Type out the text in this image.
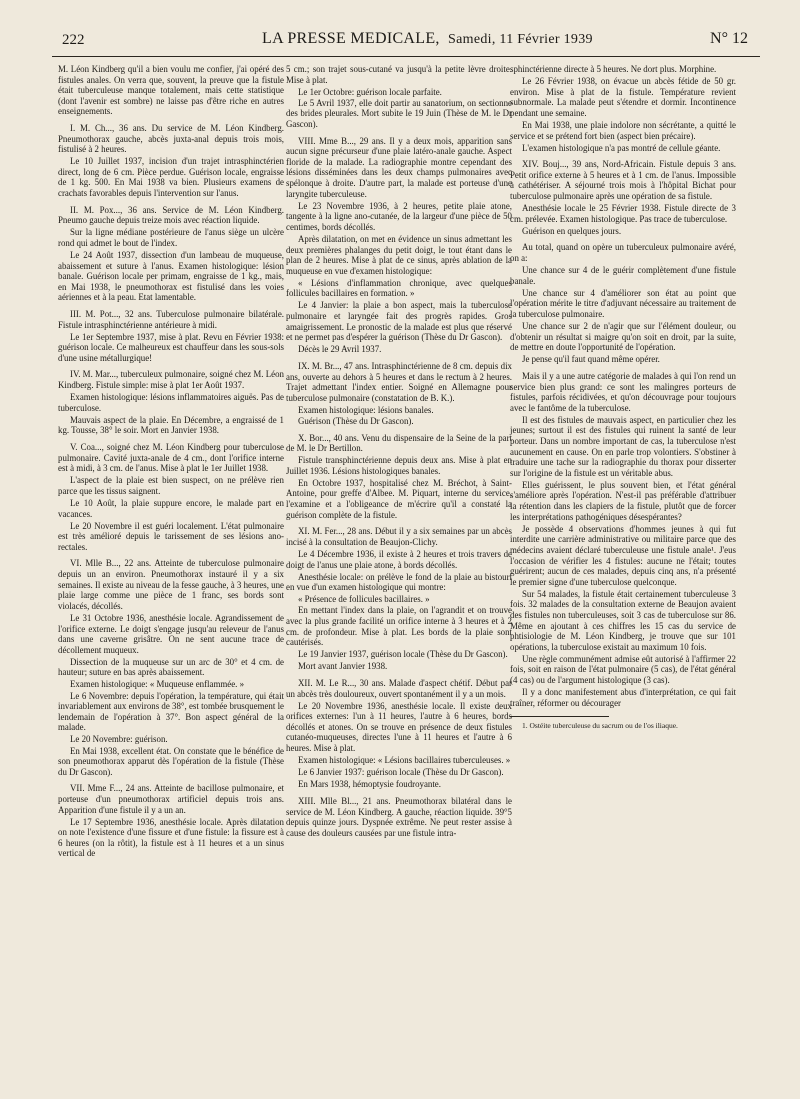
222	LA PRESSE MEDICALE, Samedi, 11 Février 1939	N° 12

M. Léon Kindberg qu'il a bien voulu me confier, j'ai opéré des fistules anales. On verra que, souvent, la preuve que la fistule était tuberculeuse manque totalement, mais cette statistique (dont l'avenir est sombre) ne laisse pas d'être riche en autres enseignements.

I. M. Ch..., 36 ans. Du service de M. Léon Kindberg. Pneumothorax gauche, abcès juxta-anal depuis trois mois, fistulisé à 2 heures.

Le 10 Juillet 1937, incision d'un trajet intrasphinctérien direct, long de 6 cm. Pièce perdue. Guérison locale, engraisse de 1 kg. 500. En Mai 1938 va bien. Plusieurs examens de crachats favorables depuis l'intervention sur l'anus.

II. M. Pox..., 36 ans. Service de M. Léon Kindberg. Pneumo gauche depuis treize mois avec réaction liquide.

Sur la ligne médiane postérieure de l'anus siège un ulcère rond qui admet le bout de l'index.

Le 24 Août 1937, dissection d'un lambeau de muqueuse, abaissement et suture à l'anus. Examen histologique: lésion banale. Guérison locale per primam, engraisse de 1 kg., mais, en Mai 1938, le pneumothorax est fistulisé dans les voies aériennes et à la peau. Etat lamentable.

III. M. Pot..., 32 ans. Tuberculose pulmonaire bilatérale. Fistule intrasphinctérienne antérieure à midi.

Le 1er Septembre 1937, mise à plat. Revu en Février 1938: guérison locale. Ce malheureux est chauffeur dans les sous-sols d'une usine métallurgique!

IV. M. Mar..., tuberculeux pulmonaire, soigné chez M. Léon Kindberg. Fistule simple: mise à plat 1er Août 1937.

Examen histologique: lésions inflammatoires aiguës. Pas de tuberculose.

Mauvais aspect de la plaie. En Décembre, a engraissé de 1 kg. Tousse, 38° le soir. Mort en Janvier 1938.

V. Coa..., soigné chez M. Léon Kindberg pour tuberculose pulmonaire. Cavité juxta-anale de 4 cm., dont l'orifice interne est à midi, à 3 cm. de l'anus. Mise à plat le 1er Juillet 1938.

L'aspect de la plaie est bien suspect, on ne prélève rien parce que les tissus saignent.

Le 10 Août, la plaie suppure encore, le malade part en vacances.

Le 20 Novembre il est guéri localement. L'état pulmonaire est très amélioré depuis le tarissement de ses lésions ano-rectales.

VI. Mlle B..., 22 ans. Atteinte de tuberculose pulmonaire depuis un an environ. Pneumothorax instauré il y a six semaines. Il existe au niveau de la fesse gauche, à 3 heures, une plaie large comme une pièce de 1 franc, ses bords sont violacés, décollés.

Le 31 Octobre 1936, anesthésie locale. Agrandissement de l'orifice externe. Le doigt s'engage jusqu'au releveur de l'anus dans une caverne grisâtre. On ne sent aucune trace de décollement muqueux.

Dissection de la muqueuse sur un arc de 30° et 4 cm. de hauteur; suture en bas après abaissement.

Examen histologique: « Muqueuse enflammée. »

Le 6 Novembre: depuis l'opération, la température, qui était invariablement aux environs de 38°, est tombée brusquement le lendemain de l'opération à 37°. Bon aspect général de la malade.

Le 20 Novembre: guérison.

En Mai 1938, excellent état. On constate que le bénéfice de son pneumothorax apparut dès l'opération de la fistule (Thèse du Dr Gascon).

VII. Mme F..., 24 ans. Atteinte de bacillose pulmonaire, et porteuse d'un pneumothorax artificiel depuis trois ans. Apparition d'une fistule il y a un an.

Le 17 Septembre 1936, anesthésie locale. Après dilatation on note l'existence d'une fissure et d'une fistule: la fissure est à 6 heures (on la rôtit), la fistule est à 11 heures et a un sinus vertical de

5 cm.; son trajet sous-cutané va jusqu'à la petite lèvre droite. Mise à plat.

Le 1er Octobre: guérison locale parfaite.

Le 5 Avril 1937, elle doit partir au sanatorium, on sectionne des brides pleurales. Mort subite le 19 Juin (Thèse de M. le Dr Gascon).

VIII. Mme B..., 29 ans. Il y a deux mois, apparition sans aucun signe précurseur d'une plaie latéro-anale gauche. Aspect floride de la malade. La radiographie montre cependant des lésions disséminées dans les deux champs pulmonaires avec spélonque à droite. D'autre part, la malade est porteuse d'une laryngite tuberculeuse.

Le 23 Novembre 1936, à 2 heures, petite plaie atone, tangente à la ligne ano-cutanée, de la largeur d'une pièce de 50 centimes, bords décollés.

Après dilatation, on met en évidence un sinus admettant les deux premières phalanges du petit doigt, le tout étant dans le plan de 2 heures. Mise à plat de ce sinus, après ablation de la muqueuse en vue d'examen histologique:

« Lésions d'inflammation chronique, avec quelques follicules bacillaires en formation. »

Le 4 Janvier: la plaie a bon aspect, mais la tuberculose pulmonaire et laryngée fait des progrès rapides. Gros amaigrissement. Le pronostic de la malade est plus que réservé et ne permet pas d'espérer la guérison (Thèse du Dr Gascon).

Décès le 29 Avril 1937.

IX. M. Br..., 47 ans. Intrasphinctérienne de 8 cm. depuis dix ans, ouverte au dehors à 5 heures et dans le rectum à 2 heures. Trajet admettant l'index entier. Soigné en Allemagne pour tuberculose pulmonaire (constatation de B. K.).

Examen histologique: lésions banales.

Guérison (Thèse du Dr Gascon).

X. Bor..., 40 ans. Venu du dispensaire de la Seine de la part de M. le Dr Bertillon.

Fistule transphinctérienne depuis deux ans. Mise à plat en Juillet 1936. Lésions histologiques banales.

En Octobre 1937, hospitalisé chez M. Bréchot, à Saint-Antoine, pour greffe d'Albee. M. Piquart, interne du service, l'examine et a l'obligeance de m'écrire qu'il a constaté la guérison complète de la fistule.

XI. M. Fer..., 28 ans. Début il y a six semaines par un abcès incisé à la consultation de Beaujon-Clichy.

Le 4 Décembre 1936, il existe à 2 heures et trois travers de doigt de l'anus une plaie atone, à bords décollés.

Anesthésie locale: on prélève le fond de la plaie au bistouri en vue d'un examen histologique qui montre:

« Présence de follicules bacillaires. »

En mettant l'index dans la plaie, on l'agrandit et on trouve avec la plus grande facilité un orifice interne à 3 heures et à 2 cm. de profondeur. Mise à plat. Les bords de la plaie sont cautérisés.

Le 19 Janvier 1937, guérison locale (Thèse du Dr Gascon).

Mort avant Janvier 1938.

XII. M. Le R..., 30 ans. Malade d'aspect chétif. Début par un abcès très douloureux, ouvert spontanément il y a un mois.

Le 20 Novembre 1936, anesthésie locale. Il existe deux orifices externes: l'un à 11 heures, l'autre à 6 heures, bords décollés et atones. On se trouve en présence de deux fistules cutanéo-muqueuses, directes l'une à 11 heures et l'autre à 6 heures. Mise à plat.

Examen histologique: « Lésions bacillaires tuberculeuses. »

Le 6 Janvier 1937: guérison locale (Thèse du Dr Gascon).

En Mars 1938, hémoptysie foudroyante.

XIII. Mlle Bl..., 21 ans. Pneumothorax bilatéral dans le service de M. Léon Kindberg. A gauche, réaction liquide. 39°5 depuis quinze jours. Dyspnée extrême. Ne peut rester assise à cause des douleurs causées par une fistule intra-

sphinctérienne directe à 5 heures. Ne dort plus. Morphine.

Le 26 Février 1938, on évacue un abcès fétide de 50 gr. environ. Mise à plat de la fistule. Température revient subnormale. La malade peut s'étendre et dormir. Incontinence pendant une semaine.

En Mai 1938, une plaie indolore non sécrétante, a quitté le service et se prétend fort bien (aspect bien précaire).

L'examen histologique n'a pas montré de cellule géante.

XIV. Bouj..., 39 ans, Nord-Africain. Fistule depuis 3 ans. Petit orifice externe à 5 heures et à 1 cm. de l'anus. Impossible à cathétériser. A séjourné trois mois à l'hôpital Bichat pour tuberculose pulmonaire après une opération de sa fistule.

Anesthésie locale le 25 Février 1938. Fistule directe de 3 cm. prélevée. Examen histologique. Pas trace de tuberculose.

Guérison en quelques jours.

Au total, quand on opère un tuberculeux pulmonaire avéré, on a:

Une chance sur 4 de le guérir complètement d'une fistule banale.

Une chance sur 4 d'améliorer son état au point que l'opération mérite le titre d'adjuvant nécessaire au traitement de la tuberculose pulmonaire.

Une chance sur 2 de n'agir que sur l'élément douleur, ou d'obtenir un résultat si maigre qu'on soit en droit, par la suite, de mettre en doute l'opportunité de l'opération.

Je pense qu'il faut quand même opérer.

Mais il y a une autre catégorie de malades à qui l'on rend un service bien plus grand: ce sont les malingres porteurs de fistules, parfois récidivées, et qu'on découvrage pour toujours avec le fantôme de la tuberculose.

Il est des fistules de mauvais aspect, en particulier chez les jeunes; surtout il est des fistules qui ruinent la santé de leur porteur. Dans un nombre important de cas, la tuberculose n'est aucunement en cause. On en parle trop volontiers. S'obstiner à traduire une tache sur la radiographie du thorax pour disserter sur l'origine de la fistule est un véritable abus.

Elles guérissent, le plus souvent bien, et l'état général s'améliore après l'opération. N'est-il pas préférable d'attribuer la rétention dans les clapiers de la fistule, plutôt que de forcer les interprétations pathogéniques désespérantes?

Je possède 4 observations d'hommes jeunes à qui fut interdite une carrière administrative ou militaire parce que des médecins avaient déclaré tuberculeuse une fistule anale¹. J'eus l'occasion de vérifier les 4 fistules: aucune ne l'était; toutes guérirent; aucun de ces malades, depuis cinq ans, n'a présenté le premier signe d'une tuberculose quelconque.

Sur 54 malades, la fistule était certainement tuberculeuse 3 fois. 32 malades de la consultation externe de Beaujon avaient des fistules non tuberculeuses, soit 3 cas de tuberculose sur 86. Même en ajoutant à ces chiffres les 15 cas du service de phtisiologie de M. Léon Kindberg, je trouve que sur 101 opérations, la tuberculose existait au maximum 10 fois.

Une règle communément admise eût autorisé à l'affirmer 22 fois, soit en raison de l'état pulmonaire (5 cas), de l'état général (4 cas) ou de l'argument histologique (3 cas).

Il y a donc manifestement abus d'interprétation, ce qui fait traîner, réformer ou décourager

1. Ostéite tuberculeuse du sacrum ou de l'os iliaque.
